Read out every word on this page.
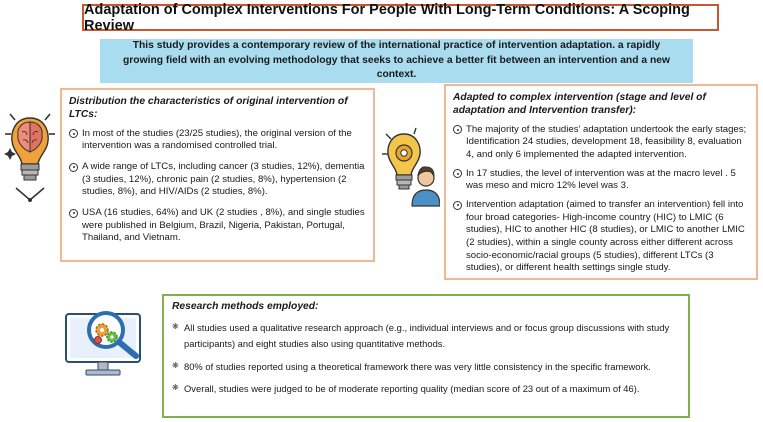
Adaptation of Complex Interventions For People With Long-Term Conditions: A Scoping Review
This study provides a contemporary review of the international practice of intervention adaptation. a rapidly growing field with an evolving methodology that seeks to achieve a better fit between an intervention and a new context.
Distribution the characteristics of original intervention of LTCs:
In most of the studies (23/25 studies), the original version of the intervention was a randomised controlled trial.
A wide range of LTCs, including cancer (3 studies, 12%), dementia (3 studies, 12%), chronic pain (2 studies, 8%), hypertension (2 studies, 8%), and HIV/AIDs (2 studies, 8%).
USA (16 studies, 64%) and UK (2 studies , 8%), and single studies were published in Belgium, Brazil, Nigeria, Pakistan, Portugal, Thailand, and Vietnam.
Adapted to complex intervention (stage and level of adaptation and Intervention transfer):
The majority of the studies' adaptation undertook the early stages; Identification 24 studies, development 18, feasibility 8, evaluation 4, and only 6 implemented the adapted intervention.
In 17 studies, the level of intervention was at the macro level . 5 was meso and micro 12% level was 3.
Intervention adaptation (aimed to transfer an intervention) fell into four broad categories- High-income country (HIC) to LMIC (6 studies), HIC to another HIC (8 studies), or LMIC to another LMIC (2 studies), within a single county across either different across socio-economic/racial groups (5 studies), different LTCs (3 studies), or different health settings single study.
Research methods employed:
❋ All studies used a qualitative research approach (e.g., individual interviews and or focus group discussions with study participants) and eight studies also using quantitative methods.
❋ 80% of studies reported using a theoretical framework there was very little consistency in the specific framework.
❋ Overall, studies were judged to be of moderate reporting quality (median score of 23 out of a maximum of 46).
